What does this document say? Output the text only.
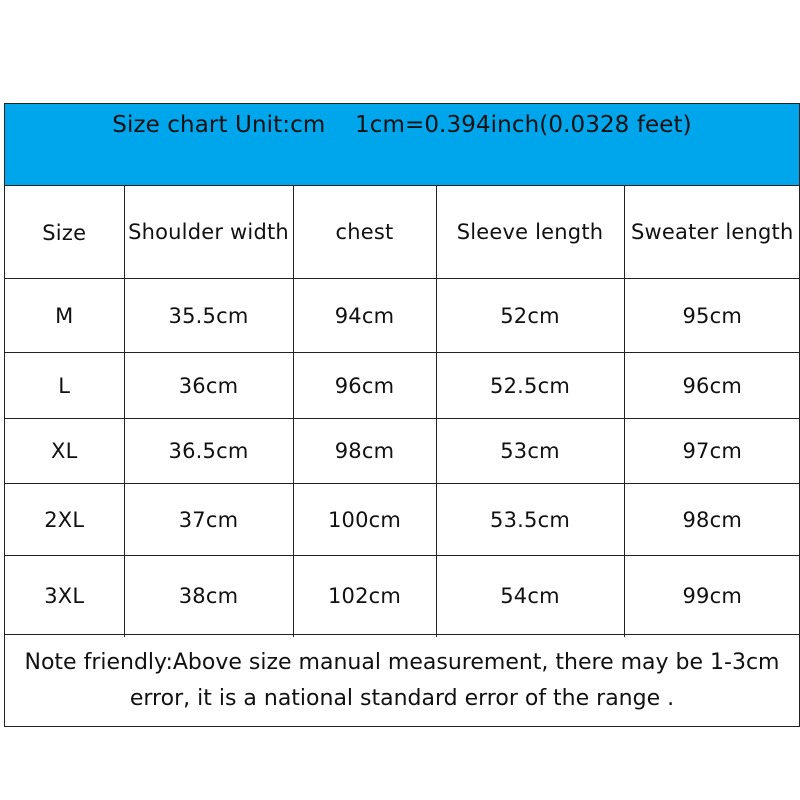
Size chart Unit:cm    1cm=0.394inch(0.0328 feet)
Size	Shoulder width	chest	Sleeve length	Sweater length
M	35.5cm	94cm	52cm	95cm
L	36cm	96cm	52.5cm	96cm
XL	36.5cm	98cm	53cm	97cm
2XL	37cm	100cm	53.5cm	98cm
3XL	38cm	102cm	54cm	99cm
Note friendly:Above size manual measurement, there may be 1-3cm
error, it is a national standard error of the range .
